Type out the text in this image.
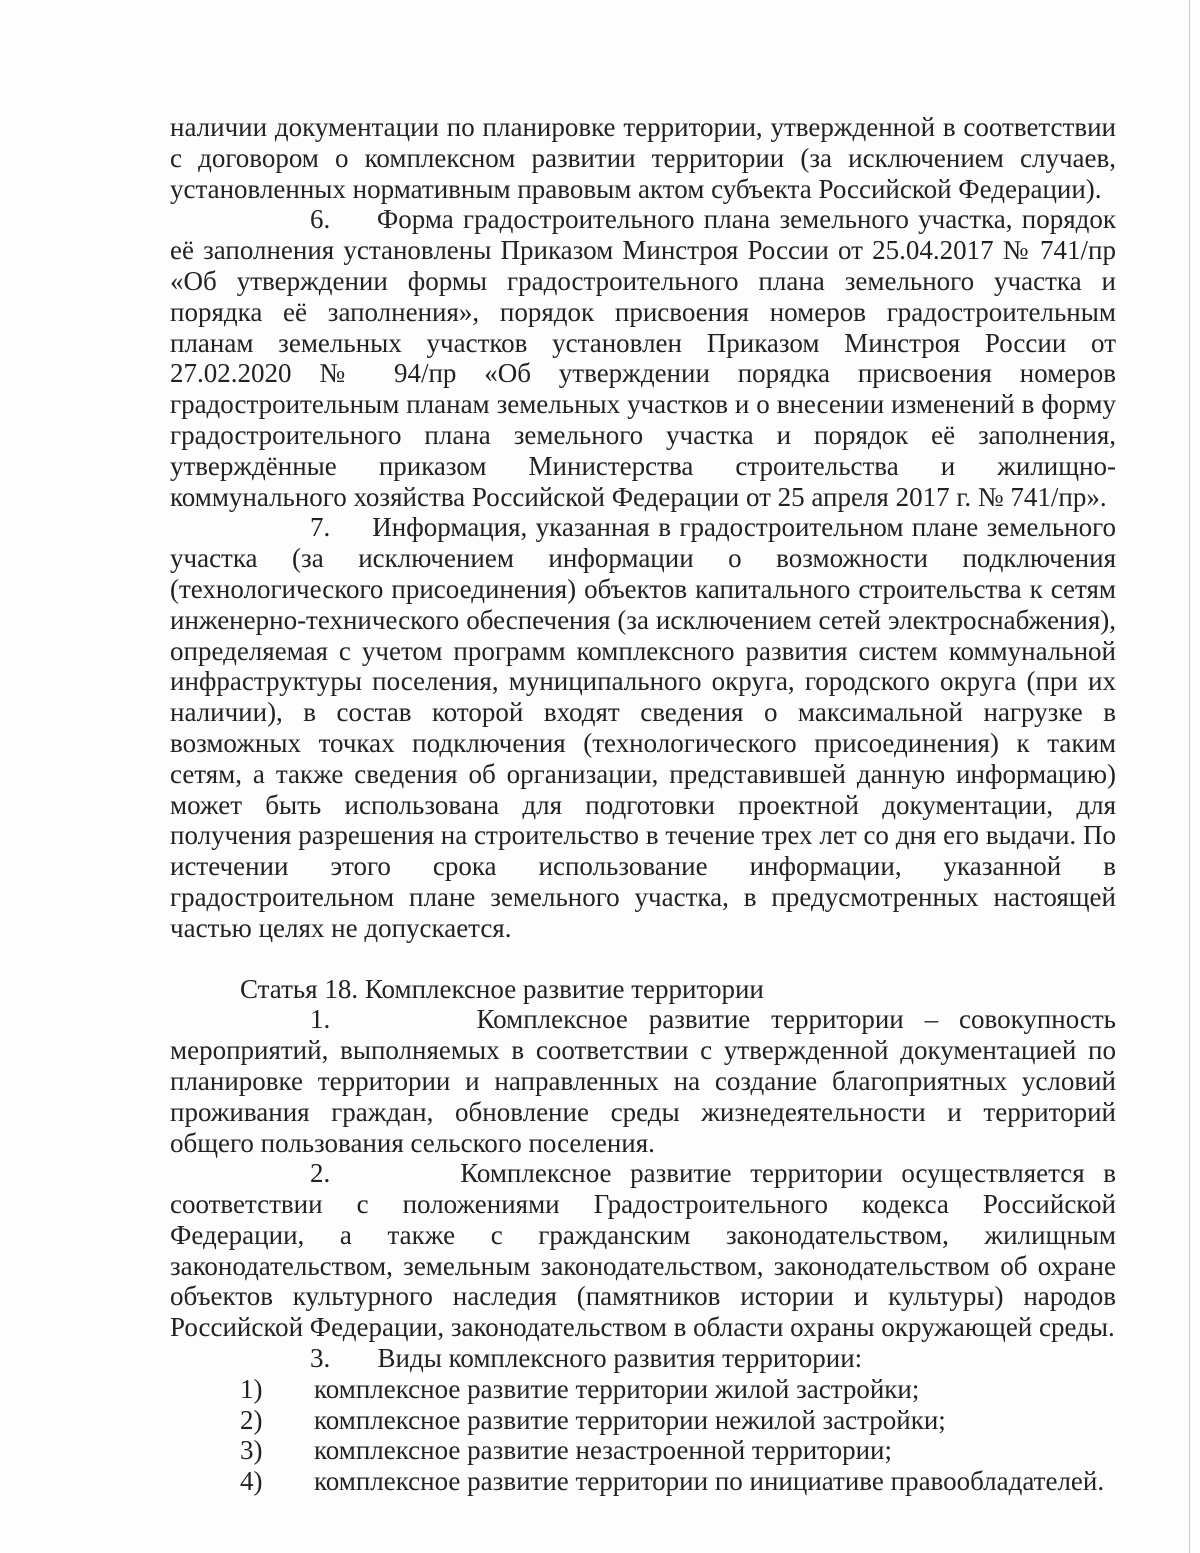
наличии документации по планировке территории, утвержденной в соответствии с договором о комплексном развитии территории (за исключением случаев, установленных нормативным правовым актом субъекта Российской Федерации).

6. Форма градостроительного плана земельного участка, порядок её заполнения установлены Приказом Минстроя России от 25.04.2017 № 741/пр «Об утверждении формы градостроительного плана земельного участка и порядка её заполнения», порядок присвоения номеров градостроительным планам земельных участков установлен Приказом Минстроя России от 27.02.2020 № 94/пр «Об утверждении порядка присвоения номеров градостроительным планам земельных участков и о внесении изменений в форму градостроительного плана земельного участка и порядок её заполнения, утверждённые приказом Министерства строительства и жилищно-коммунального хозяйства Российской Федерации от 25 апреля 2017 г. № 741/пр».

7. Информация, указанная в градостроительном плане земельного участка (за исключением информации о возможности подключения (технологического присоединения) объектов капитального строительства к сетям инженерно-технического обеспечения (за исключением сетей электроснабжения), определяемая с учетом программ комплексного развития систем коммунальной инфраструктуры поселения, муниципального округа, городского округа (при их наличии), в состав которой входят сведения о максимальной нагрузке в возможных точках подключения (технологического присоединения) к таким сетям, а также сведения об организации, представившей данную информацию) может быть использована для подготовки проектной документации, для получения разрешения на строительство в течение трех лет со дня его выдачи. По истечении этого срока использование информации, указанной в градостроительном плане земельного участка, в предусмотренных настоящей частью целях не допускается.

Статья 18. Комплексное развитие территории

1.	Комплексное развитие территории – совокупность мероприятий, выполняемых в соответствии с утвержденной документацией по планировке территории и направленных на создание благоприятных условий проживания граждан, обновление среды жизнедеятельности и территорий общего пользования сельского поселения.

2.	Комплексное развитие территории осуществляется в соответствии с положениями Градостроительного кодекса Российской Федерации, а также с гражданским законодательством, жилищным законодательством, земельным законодательством, законодательством об охране объектов культурного наследия (памятников истории и культуры) народов Российской Федерации, законодательством в области охраны окружающей среды.

3. Виды комплексного развития территории:

1)	комплексное развитие территории жилой застройки;
2)	комплексное развитие территории нежилой застройки;
3)	комплексное развитие незастроенной территории;
4)	комплексное развитие территории по инициативе правообладателей.
